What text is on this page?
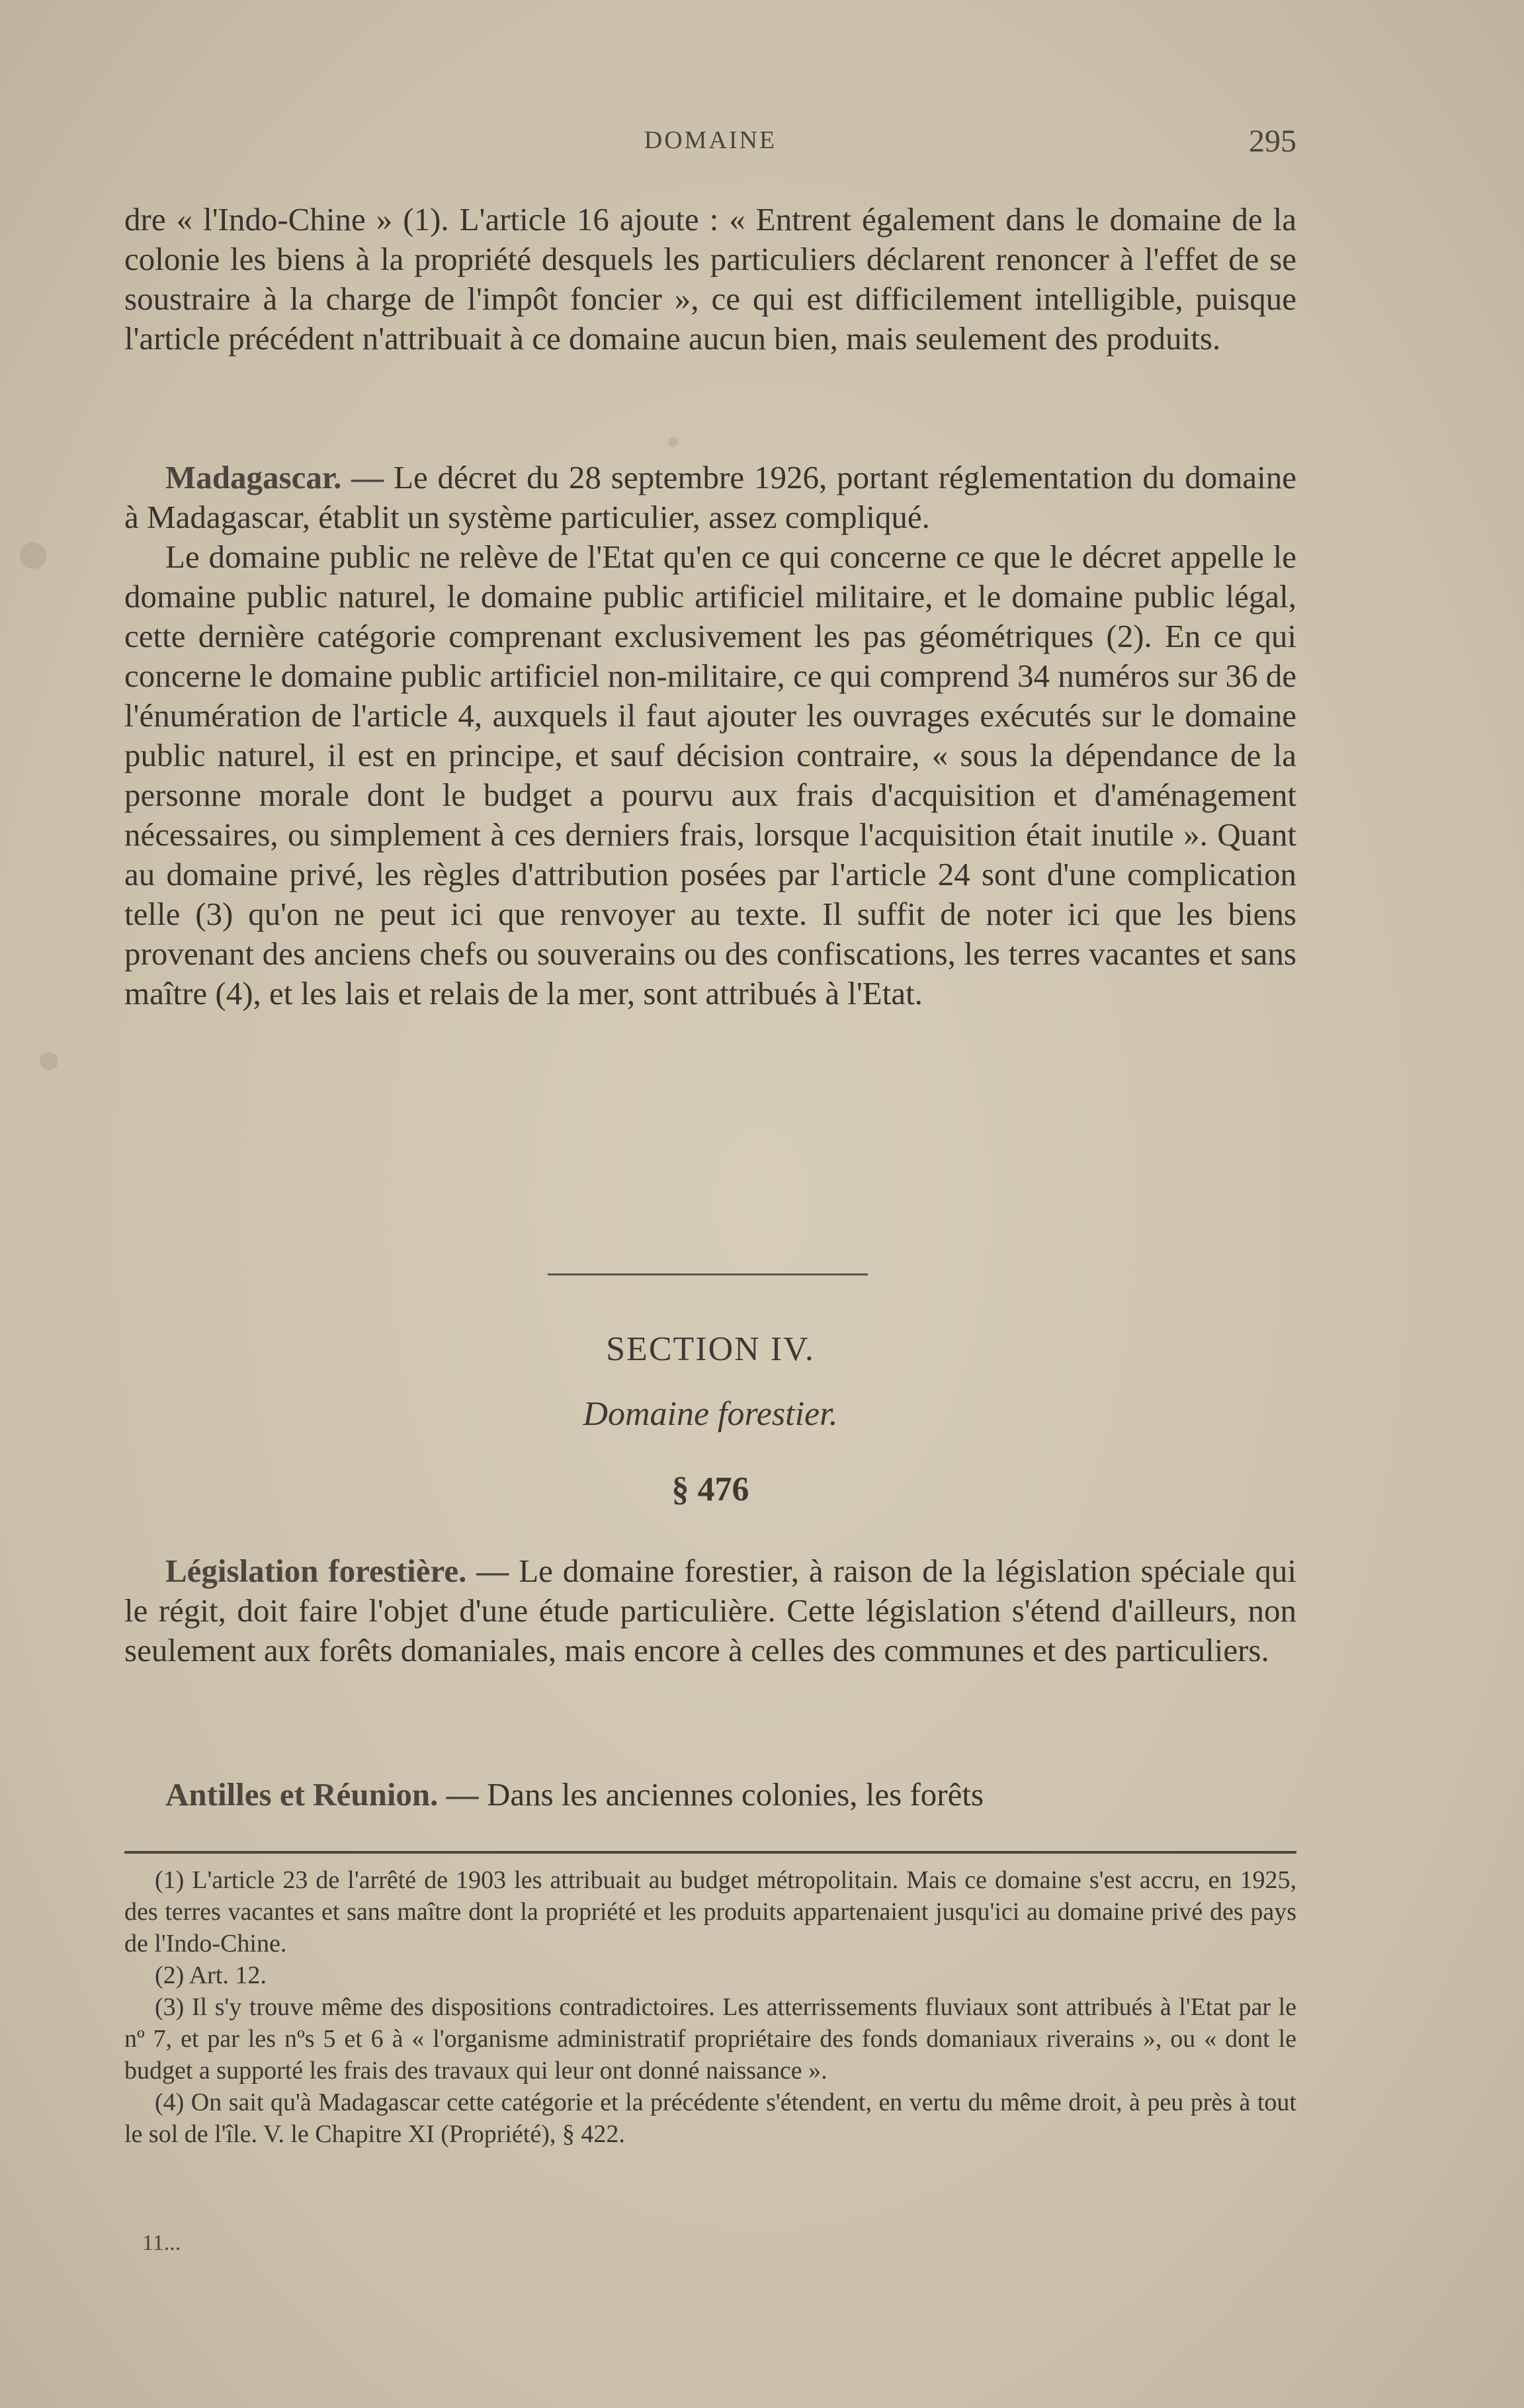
DOMAINE	295

dre « l'Indo-Chine » (1). L'article 16 ajoute : « Entrent également dans le domaine de la colonie les biens à la propriété desquels les particuliers déclarent renoncer à l'effet de se soustraire à la charge de l'impôt foncier », ce qui est difficilement intelligible, puisque l'article précédent n'attribuait à ce domaine aucun bien, mais seulement des produits.

Madagascar. — Le décret du 28 septembre 1926, portant réglementation du domaine à Madagascar, établit un système particulier, assez compliqué.

Le domaine public ne relève de l'Etat qu'en ce qui concerne ce que le décret appelle le domaine public naturel, le domaine public artificiel militaire, et le domaine public légal, cette dernière catégorie comprenant exclusivement les pas géométriques (2). En ce qui concerne le domaine public artificiel non-militaire, ce qui comprend 34 numéros sur 36 de l'énumération de l'article 4, auxquels il faut ajouter les ouvrages exécutés sur le domaine public naturel, il est en principe, et sauf décision contraire, « sous la dépendance de la personne morale dont le budget a pourvu aux frais d'acquisition et d'aménagement nécessaires, ou simplement à ces derniers frais, lorsque l'acquisition était inutile ». Quant au domaine privé, les règles d'attribution posées par l'article 24 sont d'une complication telle (3) qu'on ne peut ici que renvoyer au texte. Il suffit de noter ici que les biens provenant des anciens chefs ou souverains ou des confiscations, les terres vacantes et sans maître (4), et les lais et relais de la mer, sont attribués à l'Etat.

SECTION IV.
Domaine forestier.
§ 476

Législation forestière. — Le domaine forestier, à raison de la législation spéciale qui le régit, doit faire l'objet d'une étude particulière. Cette législation s'étend d'ailleurs, non seulement aux forêts domaniales, mais encore à celles des communes et des particuliers.

Antilles et Réunion. — Dans les anciennes colonies, les forêts

(1) L'article 23 de l'arrêté de 1903 les attribuait au budget métropolitain. Mais ce domaine s'est accru, en 1925, des terres vacantes et sans maître dont la propriété et les produits appartenaient jusqu'ici au domaine privé des pays de l'Indo-Chine.

(2) Art. 12.

(3) Il s'y trouve même des dispositions contradictoires. Les atterrissements fluviaux sont attribués à l'Etat par le nº 7, et par les nºs 5 et 6 à « l'organisme administratif propriétaire des fonds domaniaux riverains », ou « dont le budget a supporté les frais des travaux qui leur ont donné naissance ».

(4) On sait qu'à Madagascar cette catégorie et la précédente s'étendent, en vertu du même droit, à peu près à tout le sol de l'île. V. le Chapitre XI (Propriété), § 422.

11...
